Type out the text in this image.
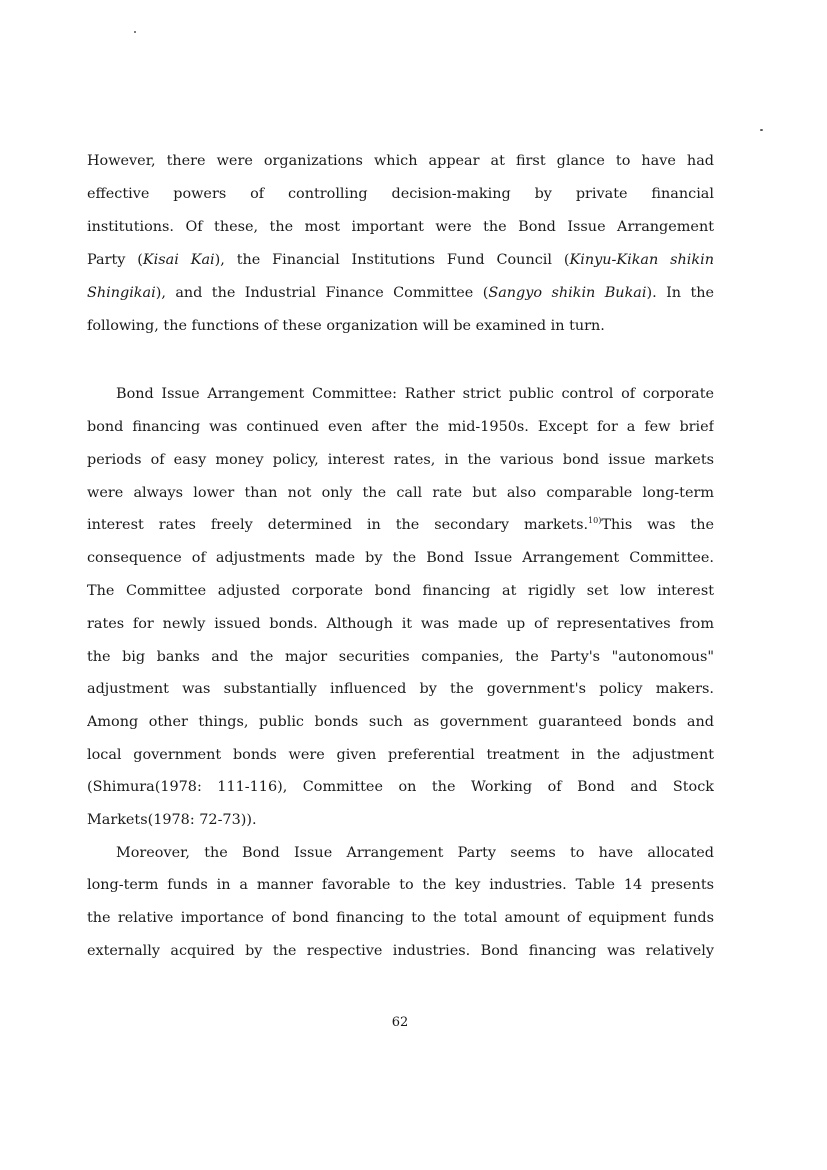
However, there were organizations which appear at first glance to have had
effective powers of controlling decision-making by private financial
institutions. Of these, the most important were the Bond Issue Arrangement
Party (Kisai Kai), the Financial Institutions Fund Council (Kinyu-Kikan shikin
Shingikai), and the Industrial Finance Committee (Sangyo shikin Bukai). In the
following, the functions of these organization will be examined in turn.
Bond Issue Arrangement Committee: Rather strict public control of corporate
bond financing was continued even after the mid-1950s. Except for a few brief
periods of easy money policy, interest rates, in the various bond issue markets
were always lower than not only the call rate but also comparable long-term
interest rates freely determined in the secondary markets.$^{10)}$This was the
consequence of adjustments made by the Bond Issue Arrangement Committee.
The Committee adjusted corporate bond financing at rigidly set low interest
rates for newly issued bonds. Although it was made up of representatives from
the big banks and the major securities companies, the Party's "autonomous"
adjustment was substantially influenced by the government's policy makers.
Among other things, public bonds such as government guaranteed bonds and
local government bonds were given preferential treatment in the adjustment
(Shimura(1978: 111-116), Committee on the Working of Bond and Stock
Markets(1978: 72-73)).
Moreover, the Bond Issue Arrangement Party seems to have allocated
long-term funds in a manner favorable to the key industries. Table 14 presents
the relative importance of bond financing to the total amount of equipment funds
externally acquired by the respective industries. Bond financing was relatively
62
